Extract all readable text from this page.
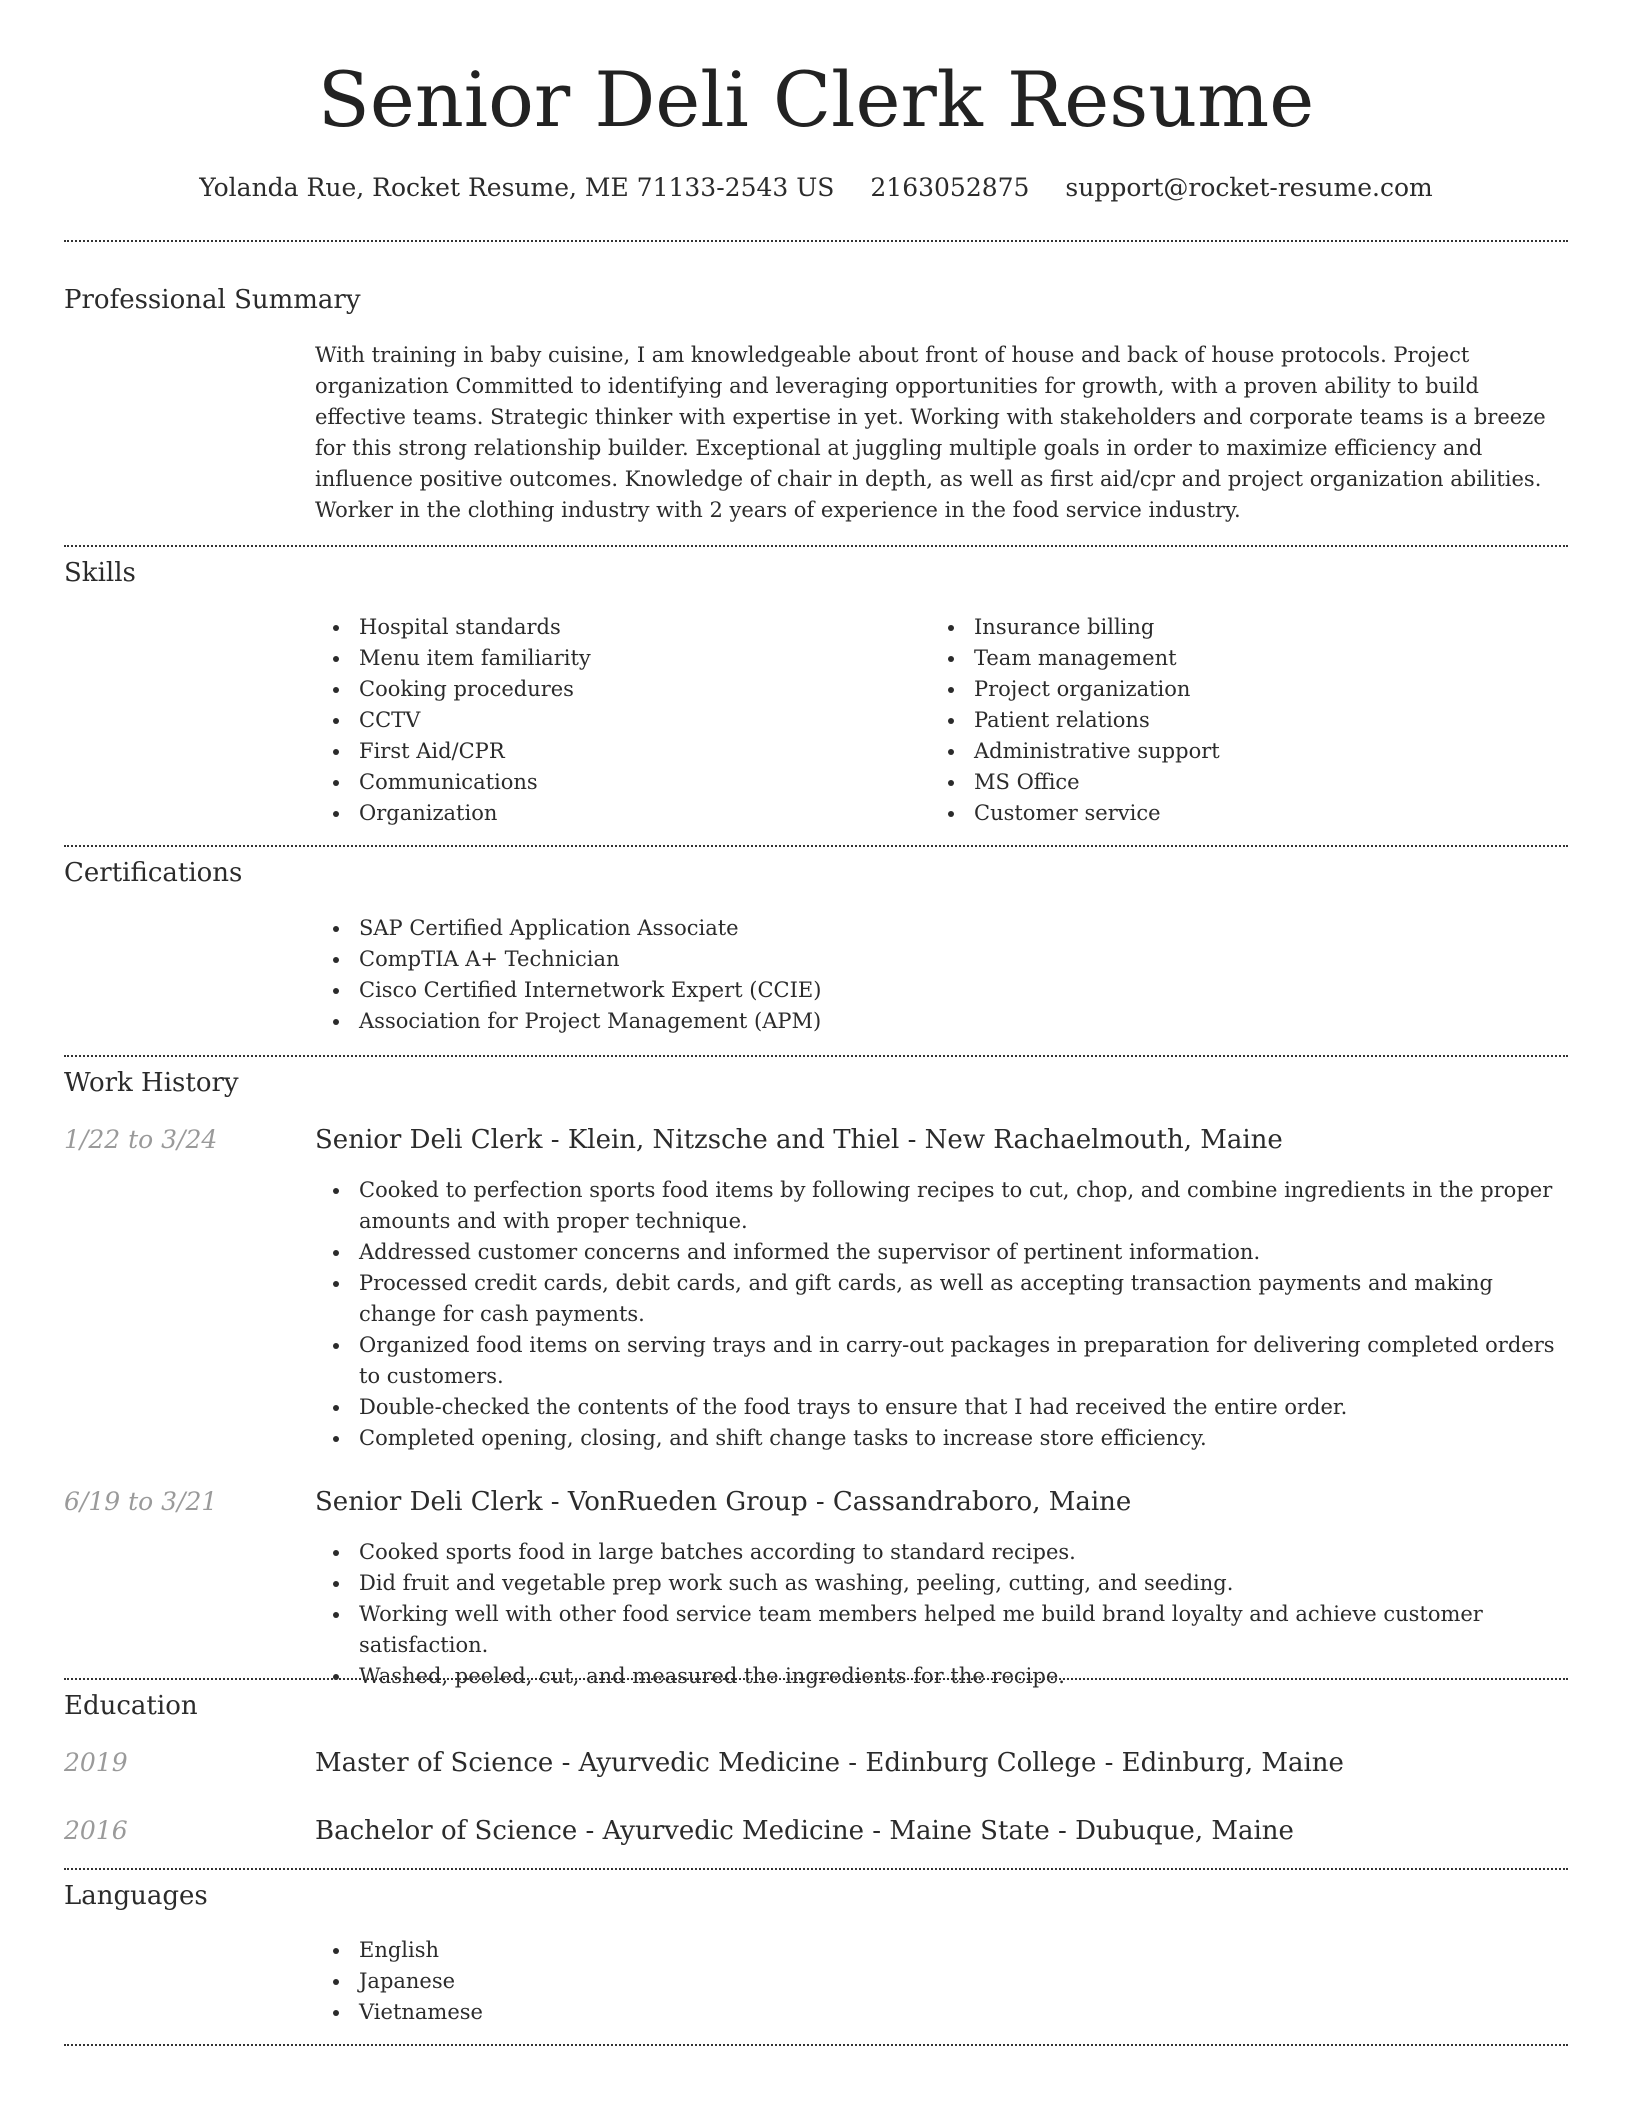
Senior Deli Clerk Resume
Yolanda Rue, Rocket Resume, ME 71133-2543 US 2163052875 support@rocket-resume.com
Professional Summary

With training in baby cuisine, I am knowledgeable about front of house and back of house protocols. Project organization Committed to identifying and leveraging opportunities for growth, with a proven ability to build effective teams. Strategic thinker with expertise in yet. Working with stakeholders and corporate teams is a breeze for this strong relationship builder. Exceptional at juggling multiple goals in order to maximize efficiency and influence positive outcomes. Knowledge of chair in depth, as well as first aid/cpr and project organization abilities. Worker in the clothing industry with 2 years of experience in the food service industry.

Skills
Hospital standards
Menu item familiarity
Cooking procedures
CCTV
First Aid/CPR
Communications
Organization
Insurance billing
Team management
Project organization
Patient relations
Administrative support
MS Office
Customer service
Certifications
SAP Certified Application Associate
CompTIA A+ Technician
Cisco Certified Internetwork Expert (CCIE)
Association for Project Management (APM)
Work History
1/22 to 3/24	Senior Deli Clerk - Klein, Nitzsche and Thiel - New Rachaelmouth, Maine
Cooked to perfection sports food items by following recipes to cut, chop, and combine ingredients in the proper amounts and with proper technique.
Addressed customer concerns and informed the supervisor of pertinent information.
Processed credit cards, debit cards, and gift cards, as well as accepting transaction payments and making change for cash payments.
Organized food items on serving trays and in carry-out packages in preparation for delivering completed orders to customers.
Double-checked the contents of the food trays to ensure that I had received the entire order.
Completed opening, closing, and shift change tasks to increase store efficiency.
6/19 to 3/21	Senior Deli Clerk - VonRueden Group - Cassandraboro, Maine
Cooked sports food in large batches according to standard recipes.
Did fruit and vegetable prep work such as washing, peeling, cutting, and seeding.
Working well with other food service team members helped me build brand loyalty and achieve customer satisfaction.
Washed, peeled, cut, and measured the ingredients for the recipe.
Education
2019	Master of Science - Ayurvedic Medicine - Edinburg College - Edinburg, Maine
2016	Bachelor of Science - Ayurvedic Medicine - Maine State - Dubuque, Maine
Languages
English
Japanese
Vietnamese
